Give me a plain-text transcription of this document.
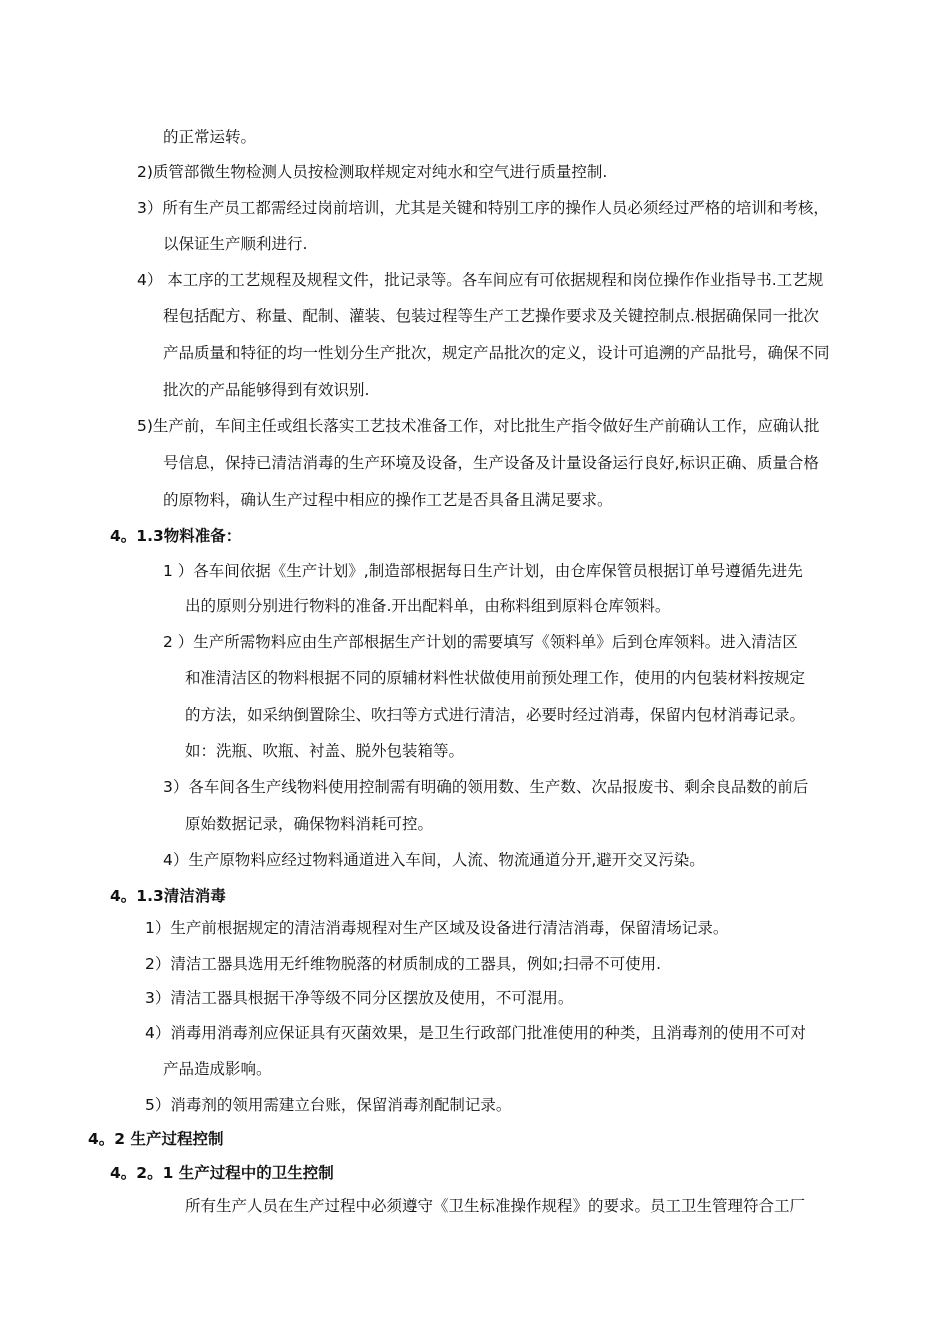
的正常运转。
2)质管部微生物检测人员按检测取样规定对纯水和空气进行质量控制.
3）所有生产员工都需经过岗前培训，尤其是关键和特别工序的操作人员必须经过严格的培训和考核，
以保证生产顺利进行.
4） 本工序的工艺规程及规程文件，批记录等。各车间应有可依据规程和岗位操作作业指导书.工艺规
程包括配方、称量、配制、灌装、包装过程等生产工艺操作要求及关键控制点.根据确保同一批次
产品质量和特征的均一性划分生产批次，规定产品批次的定义，设计可追溯的产品批号，确保不同
批次的产品能够得到有效识别.
5)生产前，车间主任或组长落实工艺技术准备工作，对比批生产指令做好生产前确认工作，应确认批
号信息，保持已清洁消毒的生产环境及设备，生产设备及计量设备运行良好,标识正确、质量合格
的原物料，确认生产过程中相应的操作工艺是否具备且满足要求。
4。1.3物料准备：
1 ）各车间依据《生产计划》,制造部根据每日生产计划，由仓库保管员根据订单号遵循先进先
出的原则分别进行物料的准备.开出配料单，由称料组到原料仓库领料。
2 ）生产所需物料应由生产部根据生产计划的需要填写《领料单》后到仓库领料。进入清洁区
和准清洁区的物料根据不同的原辅材料性状做使用前预处理工作，使用的内包装材料按规定
的方法，如采纳倒置除尘、吹扫等方式进行清洁，必要时经过消毒，保留内包材消毒记录。
如：洗瓶、吹瓶、衬盖、脱外包装箱等。
3）各车间各生产线物料使用控制需有明确的领用数、生产数、次品报废书、剩余良品数的前后
原始数据记录，确保物料消耗可控。
4）生产原物料应经过物料通道进入车间，人流、物流通道分开,避开交叉污染。
4。1.3清洁消毒
1）生产前根据规定的清洁消毒规程对生产区域及设备进行清洁消毒，保留清场记录。
2）清洁工器具选用无纤维物脱落的材质制成的工器具，例如;扫帚不可使用.
3）清洁工器具根据干净等级不同分区摆放及使用，不可混用。
4）消毒用消毒剂应保证具有灭菌效果，是卫生行政部门批准使用的种类，且消毒剂的使用不可对
产品造成影响。
5）消毒剂的领用需建立台账，保留消毒剂配制记录。
4。2 生产过程控制
4。2。1 生产过程中的卫生控制
所有生产人员在生产过程中必须遵守《卫生标准操作规程》的要求。员工卫生管理符合工厂
